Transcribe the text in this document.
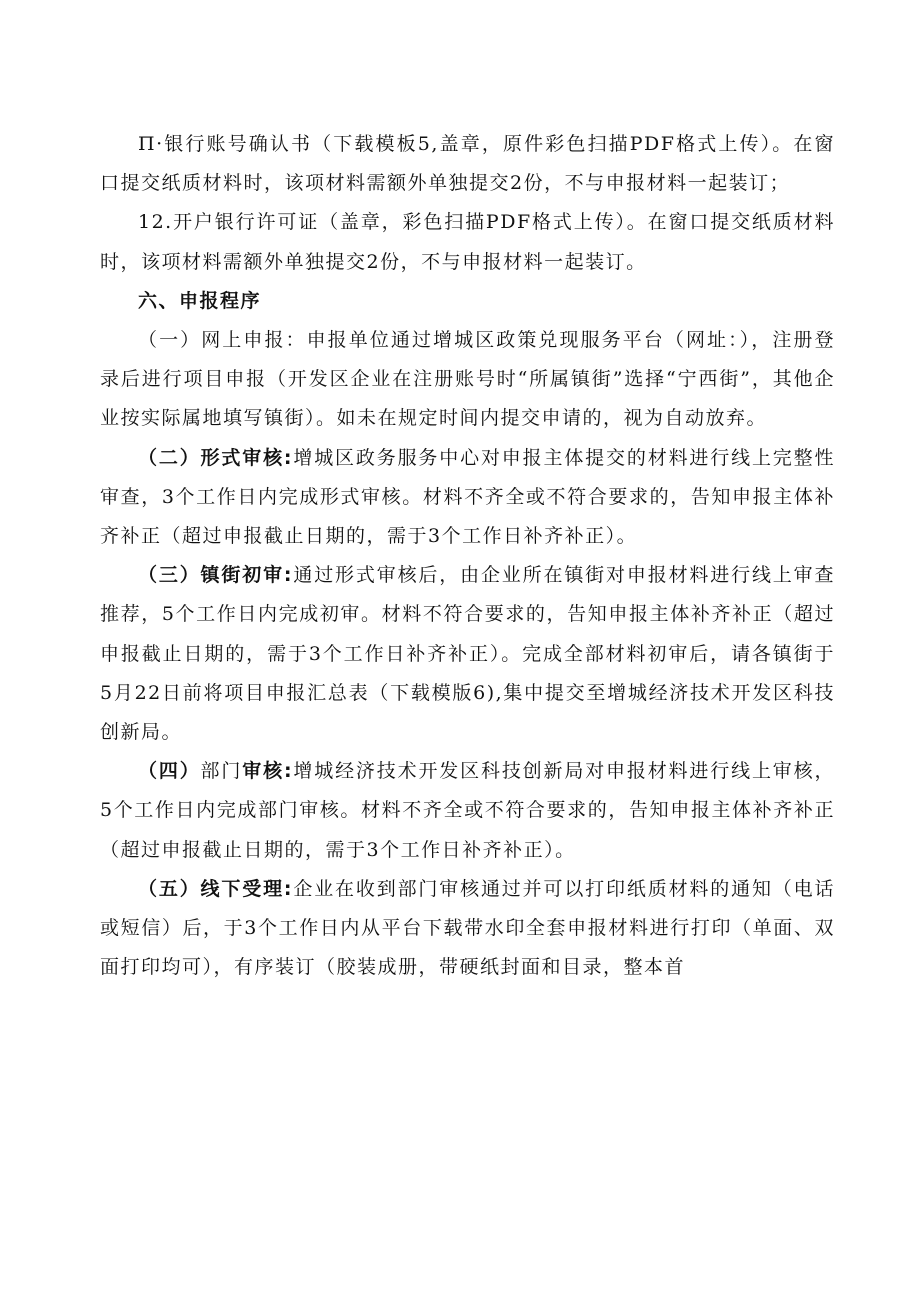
Π·银行账号确认书（下载模板5,盖章，原件彩色扫描PDF格式上传）。在窗口提交纸质材料时，该项材料需额外单独提交2份，不与申报材料一起装订；

12.开户银行许可证（盖章，彩色扫描PDF格式上传）。在窗口提交纸质材料时，该项材料需额外单独提交2份，不与申报材料一起装订。

六、申报程序

（一）网上申报：申报单位通过增城区政策兑现服务平台（网址：），注册登录后进行项目申报（开发区企业在注册账号时“所属镇街”选择“宁西街”，其他企业按实际属地填写镇街）。如未在规定时间内提交申请的，视为自动放弃。

（二）形式审核:增城区政务服务中心对申报主体提交的材料进行线上完整性审查，3个工作日内完成形式审核。材料不齐全或不符合要求的，告知申报主体补齐补正（超过申报截止日期的，需于3个工作日补齐补正）。

（三）镇街初审:通过形式审核后，由企业所在镇街对申报材料进行线上审查推荐，5个工作日内完成初审。材料不符合要求的，告知申报主体补齐补正（超过申报截止日期的，需于3个工作日补齐补正）。完成全部材料初审后，请各镇街于5月22日前将项目申报汇总表（下载模版6),集中提交至增城经济技术开发区科技创新局。

（四）部门审核:增城经济技术开发区科技创新局对申报材料进行线上审核，5个工作日内完成部门审核。材料不齐全或不符合要求的，告知申报主体补齐补正（超过申报截止日期的，需于3个工作日补齐补正）。

（五）线下受理:企业在收到部门审核通过并可以打印纸质材料的通知（电话或短信）后，于3个工作日内从平台下载带水印全套申报材料进行打印（单面、双面打印均可），有序装订（胶装成册，带硬纸封面和目录，整本首
